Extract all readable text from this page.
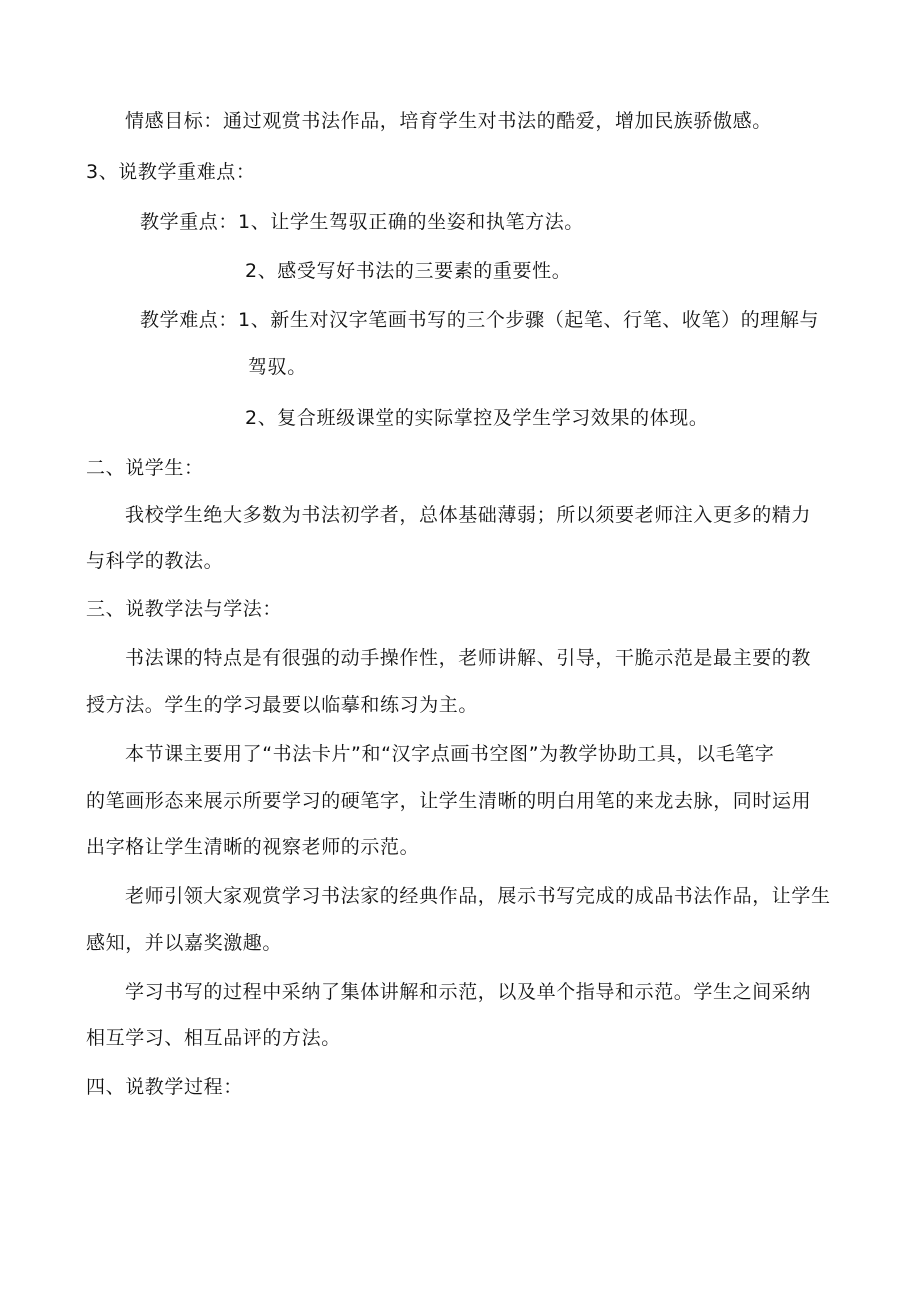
情感目标：通过观赏书法作品，培育学生对书法的酷爱，增加民族骄傲感。
3、说教学重难点：
教学重点：1、让学生驾驭正确的坐姿和执笔方法。
2、感受写好书法的三要素的重要性。
教学难点：1、新生对汉字笔画书写的三个步骤（起笔、行笔、收笔）的理解与
驾驭。
2、复合班级课堂的实际掌控及学生学习效果的体现。
二、说学生：
我校学生绝大多数为书法初学者，总体基础薄弱；所以须要老师注入更多的精力
与科学的教法。
三、说教学法与学法：
书法课的特点是有很强的动手操作性，老师讲解、引导，干脆示范是最主要的教
授方法。学生的学习最要以临摹和练习为主。
本节课主要用了“书法卡片”和“汉字点画书空图”为教学协助工具，以毛笔字
的笔画形态来展示所要学习的硬笔字，让学生清晰的明白用笔的来龙去脉，同时运用
出字格让学生清晰的视察老师的示范。
老师引领大家观赏学习书法家的经典作品，展示书写完成的成品书法作品，让学生
感知，并以嘉奖激趣。
学习书写的过程中采纳了集体讲解和示范，以及单个指导和示范。学生之间采纳
相互学习、相互品评的方法。
四、说教学过程：
